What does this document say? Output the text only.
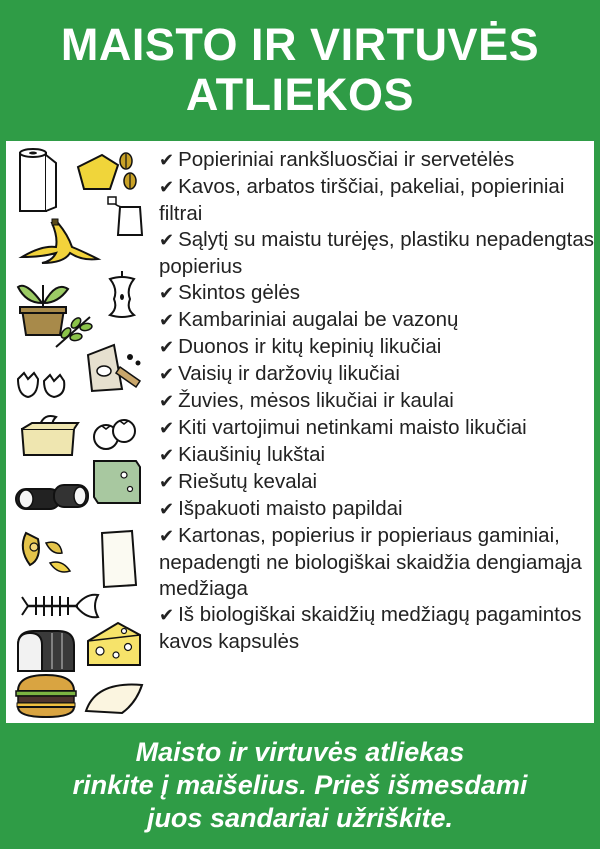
MAISTO IR VIRTUVĖS
ATLIEKOS
✔ Popieriniai rankšluosčiai ir servetėlės
✔ Kavos, arbatos tirščiai, pakeliai, popieriniai filtrai
✔ Sąlytį su maistu turėjęs, plastiku nepadengtas popierius
✔ Skintos gėlės
✔ Kambariniai augalai be vazonų
✔ Duonos ir kitų kepinių likučiai
✔ Vaisių ir daržovių likučiai
✔ Žuvies, mėsos likučiai ir kaulai
✔ Kiti vartojimui netinkami maisto likučiai
✔ Kiaušinių lukštai
✔ Riešutų kevalai
✔ Išpakuoti maisto papildai
✔ Kartonas, popierius ir popieriaus gaminiai, nepadengti ne biologiškai skaidžia dengiamąja medžiaga
✔ Iš biologiškai skaidžių medžiagų pagamintos kavos kapsulės
Maisto ir virtuvės atliekas
rinkite į maišelius. Prieš išmesdami
juos sandariai užriškite.
